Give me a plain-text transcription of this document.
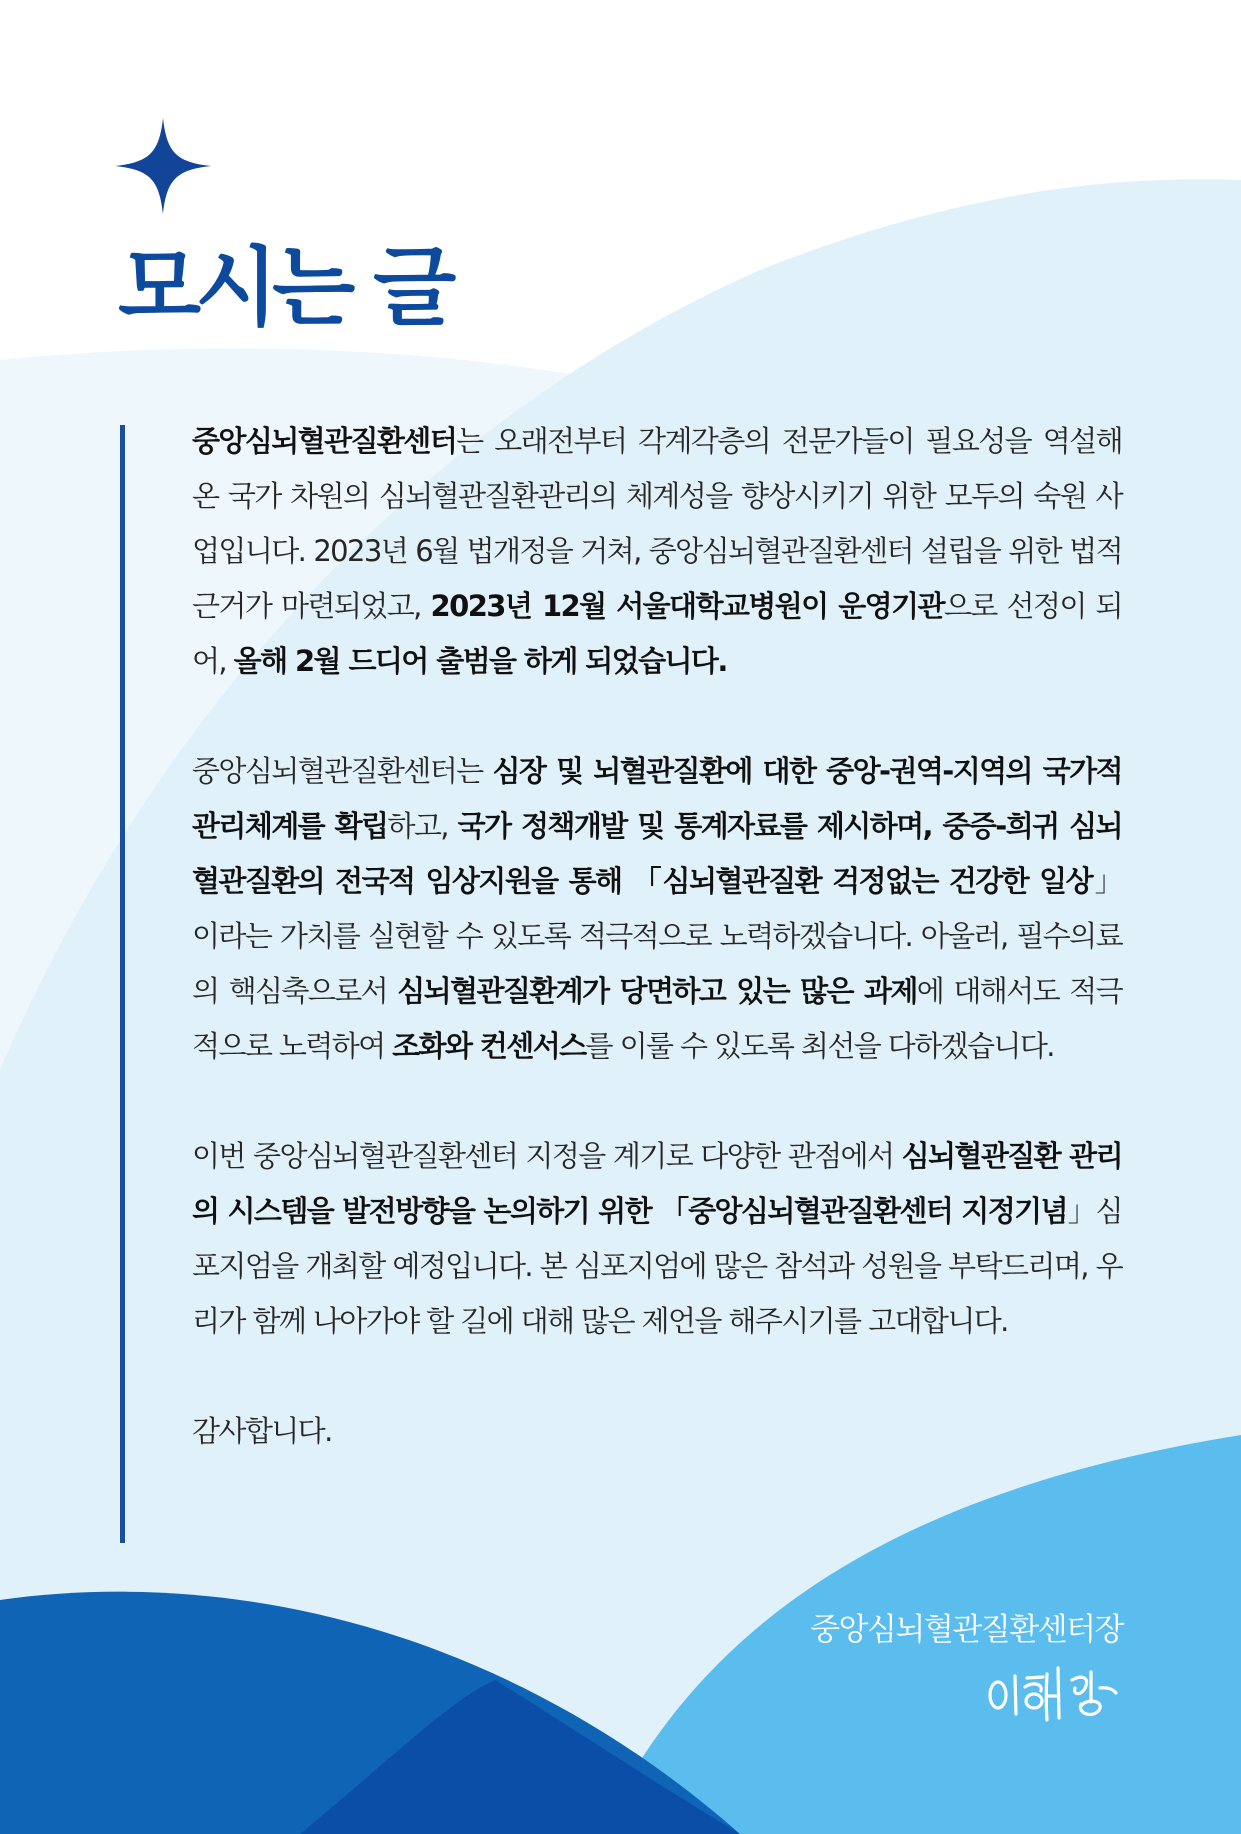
모시는 글

중앙심뇌혈관질환센터는 오래전부터 각계각층의 전문가들이 필요성을 역설해온 국가 차원의 심뇌혈관질환관리의 체계성을 향상시키기 위한 모두의 숙원 사업입니다. 2023년 6월 법개정을 거쳐, 중앙심뇌혈관질환센터 설립을 위한 법적 근거가 마련되었고, 2023년 12월 서울대학교병원이 운영기관으로 선정이 되어, 올해 2월 드디어 출범을 하게 되었습니다.

중앙심뇌혈관질환센터는 심장 및 뇌혈관질환에 대한 중앙-권역-지역의 국가적 관리체계를 확립하고, 국가 정책개발 및 통계자료를 제시하며, 중증-희귀 심뇌혈관질환의 전국적 임상지원을 통해 「심뇌혈관질환 걱정없는 건강한 일상」이라는 가치를 실현할 수 있도록 적극적으로 노력하겠습니다. 아울러, 필수의료의 핵심축으로서 심뇌혈관질환계가 당면하고 있는 많은 과제에 대해서도 적극적으로 노력하여 조화와 컨센서스를 이룰 수 있도록 최선을 다하겠습니다.

이번 중앙심뇌혈관질환센터 지정을 계기로 다양한 관점에서 심뇌혈관질환 관리의 시스템을 발전방향을 논의하기 위한 「중앙심뇌혈관질환센터 지정기념」심포지엄을 개최할 예정입니다. 본 심포지엄에 많은 참석과 성원을 부탁드리며, 우리가 함께 나아가야 할 길에 대해 많은 제언을 해주시기를 고대합니다.

감사합니다.

중앙심뇌혈관질환센터장
